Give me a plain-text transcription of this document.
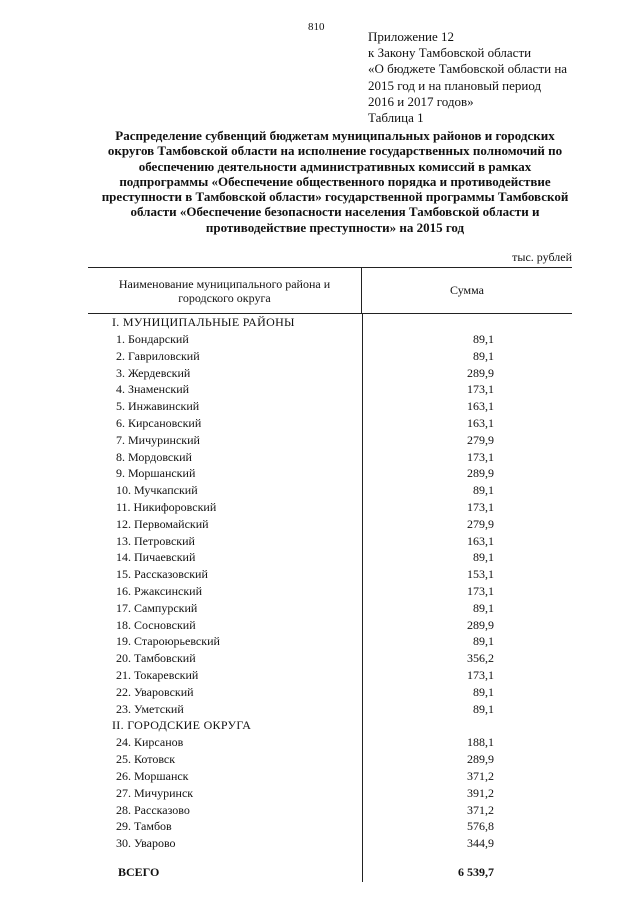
810
Приложение 12
к Закону Тамбовской области
«О бюджете Тамбовской области на
2015 год и на плановый период
2016 и 2017 годов»
Таблица 1
Распределение субвенций бюджетам муниципальных районов и городских округов Тамбовской области на исполнение государственных полномочий по обеспечению деятельности административных комиссий в рамках подпрограммы «Обеспечение общественного порядка и противодействие преступности в Тамбовской области» государственной программы Тамбовской области «Обеспечение безопасности населения Тамбовской области и противодействие преступности» на 2015 год
тыс. рублей
Наименование муниципального района и городского округа
Сумма
I. МУНИЦИПАЛЬНЫЕ РАЙОНЫ
1. Бондарский	89,1
2. Гавриловский	89,1
3. Жердевский	289,9
4. Знаменский	173,1
5. Инжавинский	163,1
6. Кирсановский	163,1
7. Мичуринский	279,9
8. Мордовский	173,1
9. Моршанский	289,9
10. Мучкапский	89,1
11. Никифоровский	173,1
12. Первомайский	279,9
13. Петровский	163,1
14. Пичаевский	89,1
15. Рассказовский	153,1
16. Ржаксинский	173,1
17. Сампурский	89,1
18. Сосновский	289,9
19. Староюрьевский	89,1
20. Тамбовский	356,2
21. Токаревский	173,1
22. Уваровский	89,1
23. Уметский	89,1
II. ГОРОДСКИЕ ОКРУГА
24. Кирсанов	188,1
25. Котовск	289,9
26. Моршанск	371,2
27. Мичуринск	391,2
28. Рассказово	371,2
29. Тамбов	576,8
30. Уварово	344,9
ВСЕГО	6 539,7
